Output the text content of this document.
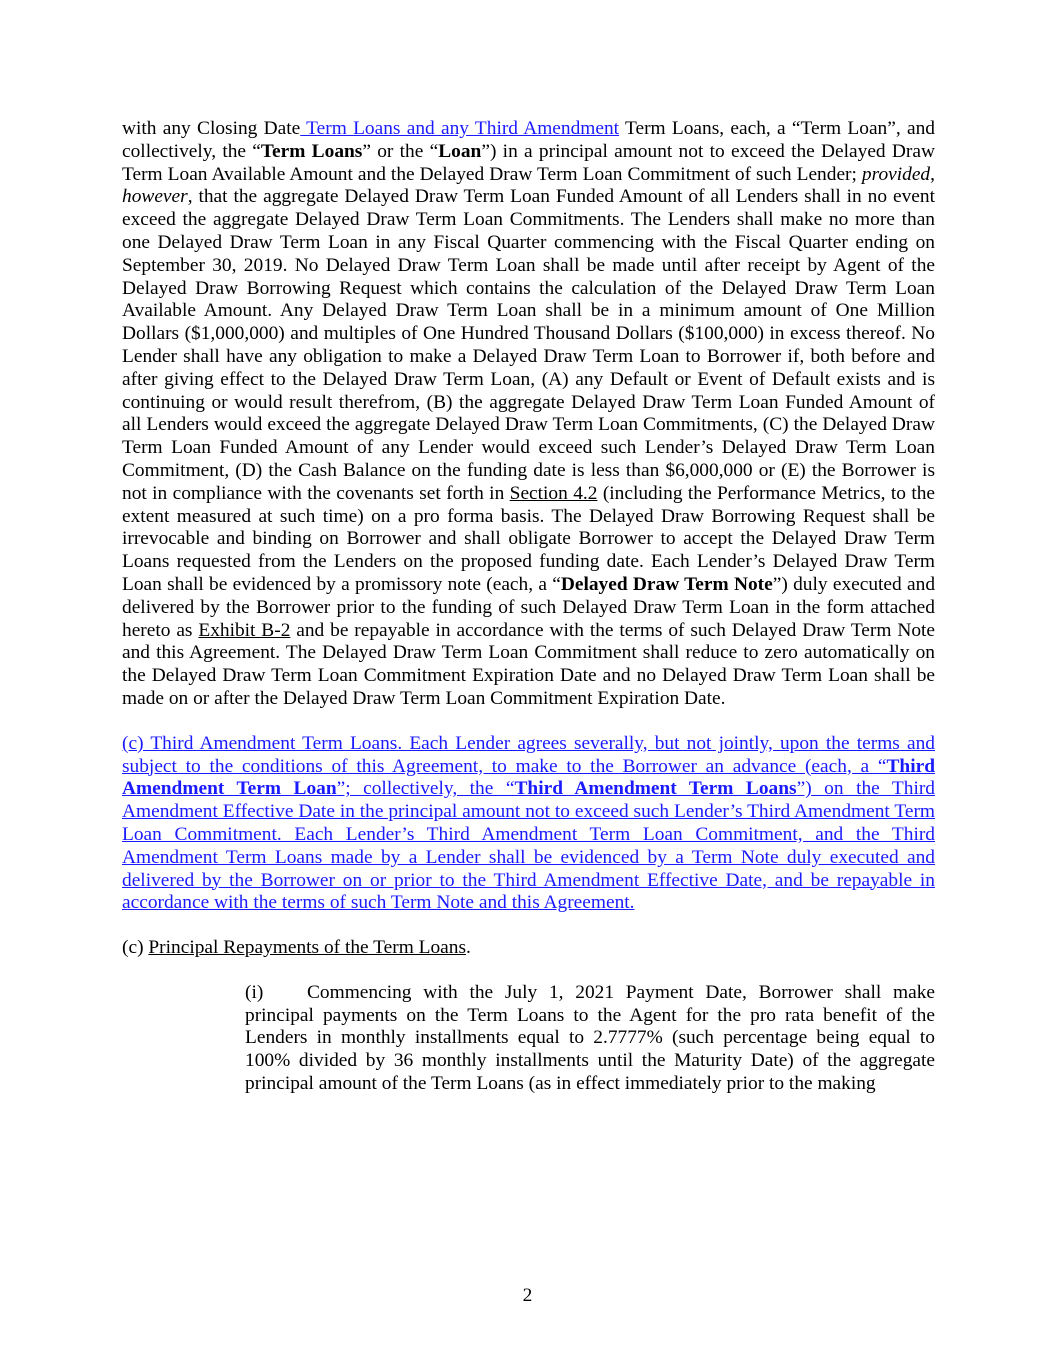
with any Closing Date Term Loans and any Third Amendment Term Loans, each, a “Term Loan”, and collectively, the “Term Loans” or the “Loan”) in a principal amount not to exceed the Delayed Draw Term Loan Available Amount and the Delayed Draw Term Loan Commitment of such Lender; provided, however, that the aggregate Delayed Draw Term Loan Funded Amount of all Lenders shall in no event exceed the aggregate Delayed Draw Term Loan Commitments. The Lenders shall make no more than one Delayed Draw Term Loan in any Fiscal Quarter commencing with the Fiscal Quarter ending on September 30, 2019. No Delayed Draw Term Loan shall be made until after receipt by Agent of the Delayed Draw Borrowing Request which contains the calculation of the Delayed Draw Term Loan Available Amount. Any Delayed Draw Term Loan shall be in a minimum amount of One Million Dollars ($1,000,000) and multiples of One Hundred Thousand Dollars ($100,000) in excess thereof. No Lender shall have any obligation to make a Delayed Draw Term Loan to Borrower if, both before and after giving effect to the Delayed Draw Term Loan, (A) any Default or Event of Default exists and is continuing or would result therefrom, (B) the aggregate Delayed Draw Term Loan Funded Amount of all Lenders would exceed the aggregate Delayed Draw Term Loan Commitments, (C) the Delayed Draw Term Loan Funded Amount of any Lender would exceed such Lender’s Delayed Draw Term Loan Commitment, (D) the Cash Balance on the funding date is less than $6,000,000 or (E) the Borrower is not in compliance with the covenants set forth in Section 4.2 (including the Performance Metrics, to the extent measured at such time) on a pro forma basis. The Delayed Draw Borrowing Request shall be irrevocable and binding on Borrower and shall obligate Borrower to accept the Delayed Draw Term Loans requested from the Lenders on the proposed funding date. Each Lender’s Delayed Draw Term Loan shall be evidenced by a promissory note (each, a “Delayed Draw Term Note”) duly executed and delivered by the Borrower prior to the funding of such Delayed Draw Term Loan in the form attached hereto as Exhibit B-2 and be repayable in accordance with the terms of such Delayed Draw Term Note and this Agreement. The Delayed Draw Term Loan Commitment shall reduce to zero automatically on the Delayed Draw Term Loan Commitment Expiration Date and no Delayed Draw Term Loan shall be made on or after the Delayed Draw Term Loan Commitment Expiration Date.

(c) Third Amendment Term Loans. Each Lender agrees severally, but not jointly, upon the terms and subject to the conditions of this Agreement, to make to the Borrower an advance (each, a “Third Amendment Term Loan”; collectively, the “Third Amendment Term Loans”) on the Third Amendment Effective Date in the principal amount not to exceed such Lender’s Third Amendment Term Loan Commitment. Each Lender’s Third Amendment Term Loan Commitment, and the Third Amendment Term Loans made by a Lender shall be evidenced by a Term Note duly executed and delivered by the Borrower on or prior to the Third Amendment Effective Date, and be repayable in accordance with the terms of such Term Note and this Agreement.

(c) Principal Repayments of the Term Loans.

(i) Commencing with the July 1, 2021 Payment Date, Borrower shall make principal payments on the Term Loans to the Agent for the pro rata benefit of the Lenders in monthly installments equal to 2.7777% (such percentage being equal to 100% divided by 36 monthly installments until the Maturity Date) of the aggregate principal amount of the Term Loans (as in effect immediately prior to the making

2
